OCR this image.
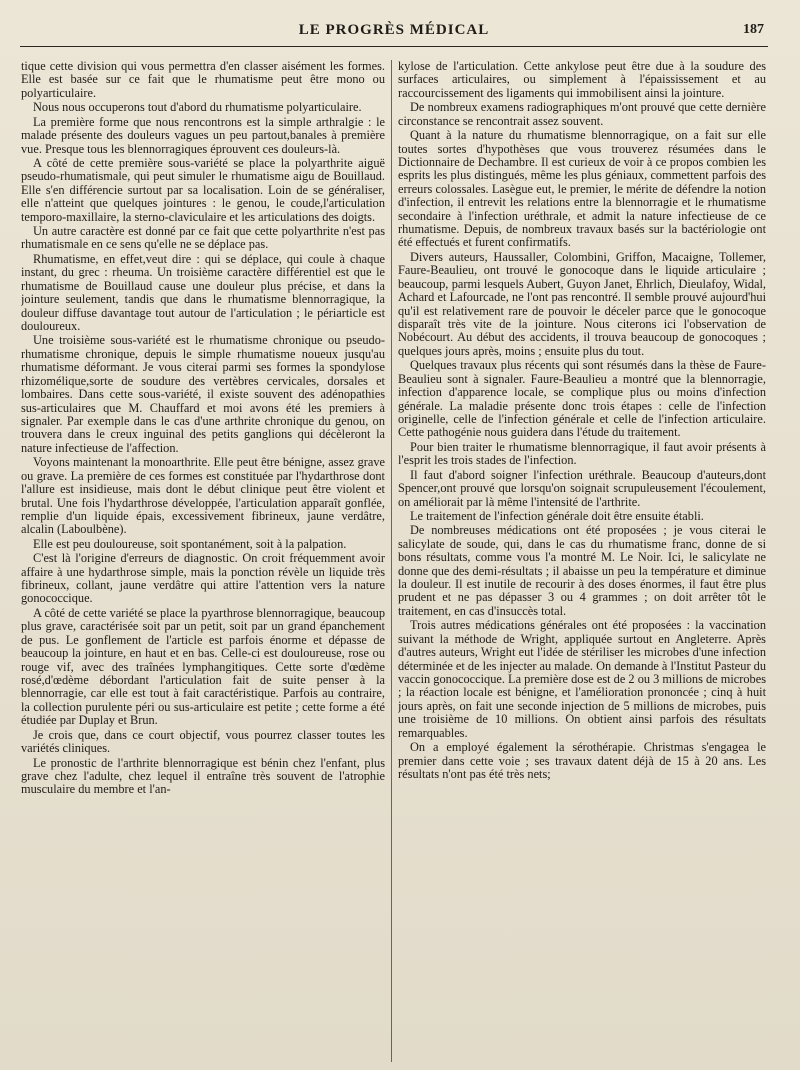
LE PROGRÈS MÉDICAL	187

tique cette division qui vous permettra d'en classer aisément les formes. Elle est basée sur ce fait que le rhumatisme peut être mono ou polyarticulaire.

Nous nous occuperons tout d'abord du rhumatisme polyarticulaire.

La première forme que nous rencontrons est la simple arthralgie : le malade présente des douleurs vagues un peu partout,banales à première vue. Presque tous les blennorragiques éprouvent ces douleurs-là.

A côté de cette première sous-variété se place la polyarthrite aiguë pseudo-rhumatismale, qui peut simuler le rhumatisme aigu de Bouillaud. Elle s'en différencie surtout par sa localisation. Loin de se généraliser, elle n'atteint que quelques jointures : le genou, le coude,l'articulation temporo-maxillaire, la sterno-claviculaire et les articulations des doigts.

Un autre caractère est donné par ce fait que cette polyarthrite n'est pas rhumatismale en ce sens qu'elle ne se déplace pas.

Rhumatisme, en effet,veut dire : qui se déplace, qui coule à chaque instant, du grec : rheuma. Un troisième caractère différentiel est que le rhumatisme de Bouillaud cause une douleur plus précise, et dans la jointure seulement, tandis que dans le rhumatisme blennorragique, la douleur diffuse davantage tout autour de l'articulation ; le périarticle est douloureux.

Une troisième sous-variété est le rhumatisme chronique ou pseudo-rhumatisme chronique, depuis le simple rhumatisme noueux jusqu'au rhumatisme déformant. Je vous citerai parmi ses formes la spondylose rhizomélique,sorte de soudure des vertèbres cervicales, dorsales et lombaires. Dans cette sous-variété, il existe souvent des adénopathies sus-articulaires que M. Chauffard et moi avons été les premiers à signaler. Par exemple dans le cas d'une arthrite chronique du genou, on trouvera dans le creux inguinal des petits ganglions qui décèleront la nature infectieuse de l'affection.

Voyons maintenant la monoarthrite. Elle peut être bénigne, assez grave ou grave. La première de ces formes est constituée par l'hydarthrose dont l'allure est insidieuse, mais dont le début clinique peut être violent et brutal. Une fois l'hydarthrose développée, l'articulation apparaît gonflée, remplie d'un liquide épais, excessivement fibrineux, jaune verdâtre, alcalin (Laboulbène).

Elle est peu douloureuse, soit spontanément, soit à la palpation.

C'est là l'origine d'erreurs de diagnostic. On croit fréquemment avoir affaire à une hydarthrose simple, mais la ponction révèle un liquide très fibrineux, collant, jaune verdâtre qui attire l'attention vers la nature gonococcique.

A côté de cette variété se place la pyarthrose blennorragique, beaucoup plus grave, caractérisée soit par un petit, soit par un grand épanchement de pus. Le gonflement de l'article est parfois énorme et dépasse de beaucoup la jointure, en haut et en bas. Celle-ci est douloureuse, rose ou rouge vif, avec des traînées lymphangitiques. Cette sorte d'œdème rosé,d'œdème débordant l'articulation fait de suite penser à la blennorragie, car elle est tout à fait caractéristique. Parfois au contraire, la collection purulente péri ou sus-articulaire est petite ; cette forme a été étudiée par Duplay et Brun.

Je crois que, dans ce court objectif, vous pourrez classer toutes les variétés cliniques.

Le pronostic de l'arthrite blennorragique est bénin chez l'enfant, plus grave chez l'adulte, chez lequel il entraîne très souvent de l'atrophie musculaire du membre et l'an-

kylose de l'articulation. Cette ankylose peut être due à la soudure des surfaces articulaires, ou simplement à l'épaississement et au raccourcissement des ligaments qui immobilisent ainsi la jointure.

De nombreux examens radiographiques m'ont prouvé que cette dernière circonstance se rencontrait assez souvent.

Quant à la nature du rhumatisme blennorragique, on a fait sur elle toutes sortes d'hypothèses que vous trouverez résumées dans le Dictionnaire de Dechambre. Il est curieux de voir à ce propos combien les esprits les plus distingués, même les plus géniaux, commettent parfois des erreurs colossales. Lasègue eut, le premier, le mérite de défendre la notion d'infection, il entrevit les relations entre la blennorragie et le rhumatisme secondaire à l'infection uréthrale, et admit la nature infectieuse de ce rhumatisme. Depuis, de nombreux travaux basés sur la bactériologie ont été effectués et furent confirmatifs.

Divers auteurs, Haussaller, Colombini, Griffon, Macaigne, Tollemer, Faure-Beaulieu, ont trouvé le gonocoque dans le liquide articulaire ; beaucoup, parmi lesquels Aubert, Guyon Janet, Ehrlich, Dieulafoy, Widal, Achard et Lafourcade, ne l'ont pas rencontré. Il semble prouvé aujourd'hui qu'il est relativement rare de pouvoir le déceler parce que le gonocoque disparaît très vite de la jointure. Nous citerons ici l'observation de Nobécourt. Au début des accidents, il trouva beaucoup de gonocoques ; quelques jours après, moins ; ensuite plus du tout.

Quelques travaux plus récents qui sont résumés dans la thèse de Faure-Beaulieu sont à signaler. Faure-Beaulieu a montré que la blennorragie, infection d'apparence locale, se complique plus ou moins d'infection générale. La maladie présente donc trois étapes : celle de l'infection originelle, celle de l'infection générale et celle de l'infection articulaire. Cette pathogénie nous guidera dans l'étude du traitement.

Pour bien traiter le rhumatisme blennorragique, il faut avoir présents à l'esprit les trois stades de l'infection.

Il faut d'abord soigner l'infection uréthrale. Beaucoup d'auteurs,dont Spencer,ont prouvé que lorsqu'on soignait scrupuleusement l'écoulement, on améliorait par là même l'intensité de l'arthrite.

Le traitement de l'infection générale doit être ensuite établi.

De nombreuses médications ont été proposées ; je vous citerai le salicylate de soude, qui, dans le cas du rhumatisme franc, donne de si bons résultats, comme vous l'a montré M. Le Noir. Ici, le salicylate ne donne que des demi-résultats ; il abaisse un peu la température et diminue la douleur. Il est inutile de recourir à des doses énormes, il faut être plus prudent et ne pas dépasser 3 ou 4 grammes ; on doit arrêter tôt le traitement, en cas d'insuccès total.

Trois autres médications générales ont été proposées : la vaccination suivant la méthode de Wright, appliquée surtout en Angleterre. Après d'autres auteurs, Wright eut l'idée de stériliser les microbes d'une infection déterminée et de les injecter au malade. On demande à l'Institut Pasteur du vaccin gonococcique. La première dose est de 2 ou 3 millions de microbes ; la réaction locale est bénigne, et l'amélioration prononcée ; cinq à huit jours après, on fait une seconde injection de 5 millions de microbes, puis une troisième de 10 millions. On obtient ainsi parfois des résultats remarquables.

On a employé également la sérothérapie. Christmas s'engagea le premier dans cette voie ; ses travaux datent déjà de 15 à 20 ans. Les résultats n'ont pas été très nets;
